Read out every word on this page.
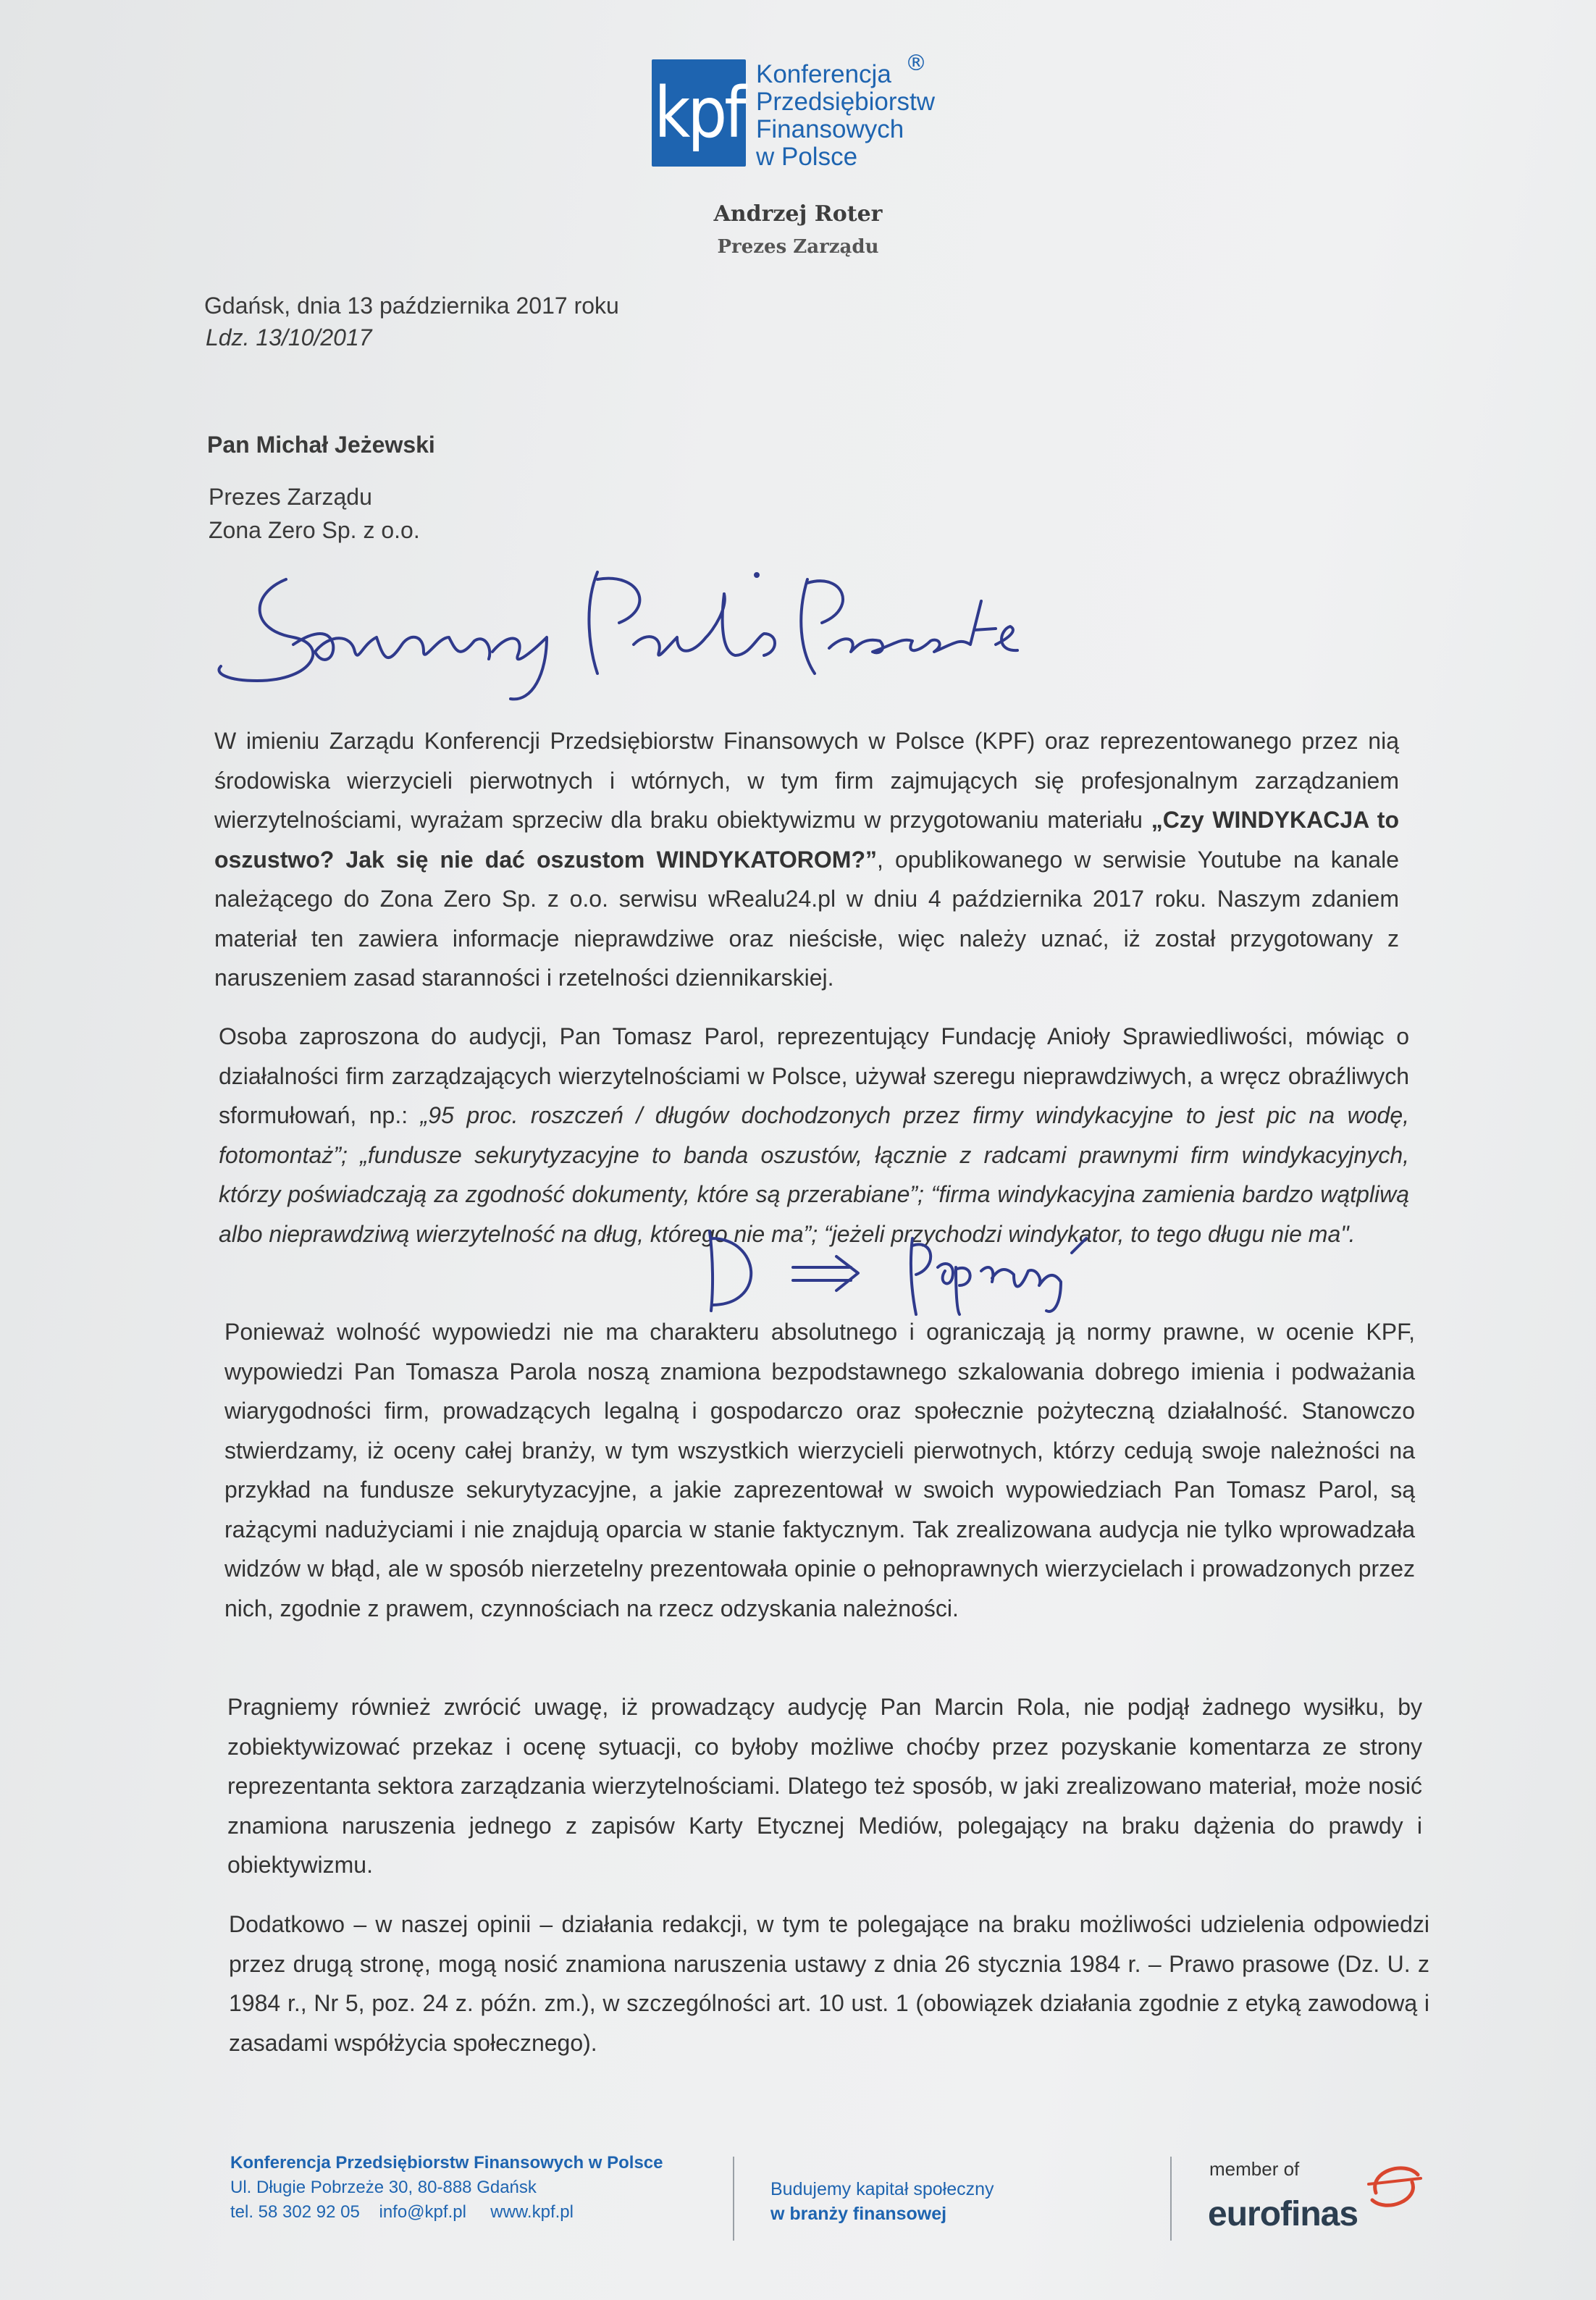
kpf Konferencja
Przedsiębiorstw
Finansowych
w Polsce
®
Andrzej Roter
Prezes Zarządu
Gdańsk, dnia 13 października 2017 roku
Ldz. 13/10/2017
Pan Michał Jeżewski
Prezes Zarządu
Zona Zero Sp. z o.o.
W imieniu Zarządu Konferencji Przedsiębiorstw Finansowych w Polsce (KPF) oraz reprezentowanego przez nią środowiska wierzycieli pierwotnych i wtórnych, w tym firm zajmujących się profesjonalnym zarządzaniem wierzytelnościami, wyrażam sprzeciw dla braku obiektywizmu w przygotowaniu materiału „Czy WINDYKACJA to oszustwo? Jak się nie dać oszustom WINDYKATOROM?”, opublikowanego w serwisie Youtube na kanale należącego do Zona Zero Sp. z o.o. serwisu wRealu24.pl w dniu 4 października 2017 roku. Naszym zdaniem materiał ten zawiera informacje nieprawdziwe oraz nieścisłe, więc należy uznać, iż został przygotowany z naruszeniem zasad staranności i rzetelności dziennikarskiej.
Osoba zaproszona do audycji, Pan Tomasz Parol, reprezentujący Fundację Anioły Sprawiedliwości, mówiąc o działalności firm zarządzających wierzytelnościami w Polsce, używał szeregu nieprawdziwych, a wręcz obraźliwych sformułowań, np.: „95 proc. roszczeń / długów dochodzonych przez firmy windykacyjne to jest pic na wodę, fotomontaż”; „fundusze sekurytyzacyjne to banda oszustów, łącznie z radcami prawnymi firm windykacyjnych, którzy poświadczają za zgodność dokumenty, które są przerabiane”; “firma windykacyjna zamienia bardzo wątpliwą albo nieprawdziwą wierzytelność na dług, którego nie ma”; “jeżeli przychodzi windykator, to tego długu nie ma".
Ponieważ wolność wypowiedzi nie ma charakteru absolutnego i ograniczają ją normy prawne, w ocenie KPF, wypowiedzi Pan Tomasza Parola noszą znamiona bezpodstawnego szkalowania dobrego imienia i podważania wiarygodności firm, prowadzących legalną i gospodarczo oraz społecznie pożyteczną działalność. Stanowczo stwierdzamy, iż oceny całej branży, w tym wszystkich wierzycieli pierwotnych, którzy cedują swoje należności na przykład na fundusze sekurytyzacyjne, a jakie zaprezentował w swoich wypowiedziach Pan Tomasz Parol, są rażącymi nadużyciami i nie znajdują oparcia w stanie faktycznym. Tak zrealizowana audycja nie tylko wprowadzała widzów w błąd, ale w sposób nierzetelny prezentowała opinie o pełnoprawnych wierzycielach i prowadzonych przez nich, zgodnie z prawem, czynnościach na rzecz odzyskania należności.
Pragniemy również zwrócić uwagę, iż prowadzący audycję Pan Marcin Rola, nie podjął żadnego wysiłku, by zobiektywizować przekaz i ocenę sytuacji, co byłoby możliwe choćby przez pozyskanie komentarza ze strony reprezentanta sektora zarządzania wierzytelnościami. Dlatego też sposób, w jaki zrealizowano materiał, może nosić znamiona naruszenia jednego z zapisów Karty Etycznej Mediów, polegający na braku dążenia do prawdy i obiektywizmu.
Dodatkowo – w naszej opinii – działania redakcji, w tym te polegające na braku możliwości udzielenia odpowiedzi przez drugą stronę, mogą nosić znamiona naruszenia ustawy z dnia 26 stycznia 1984 r. – Prawo prasowe (Dz. U. z 1984 r., Nr 5, poz. 24 z. późn. zm.), w szczególności art. 10 ust. 1 (obowiązek działania zgodnie z etyką zawodową i zasadami współżycia społecznego).
Konferencja Przedsiębiorstw Finansowych w Polsce
Ul. Długie Pobrzeże 30, 80-888 Gdańsk
tel. 58 302 92 05    info@kpf.pl     www.kpf.pl
Budujemy kapitał społeczny
w branży finansowej
member of
eurofinas
